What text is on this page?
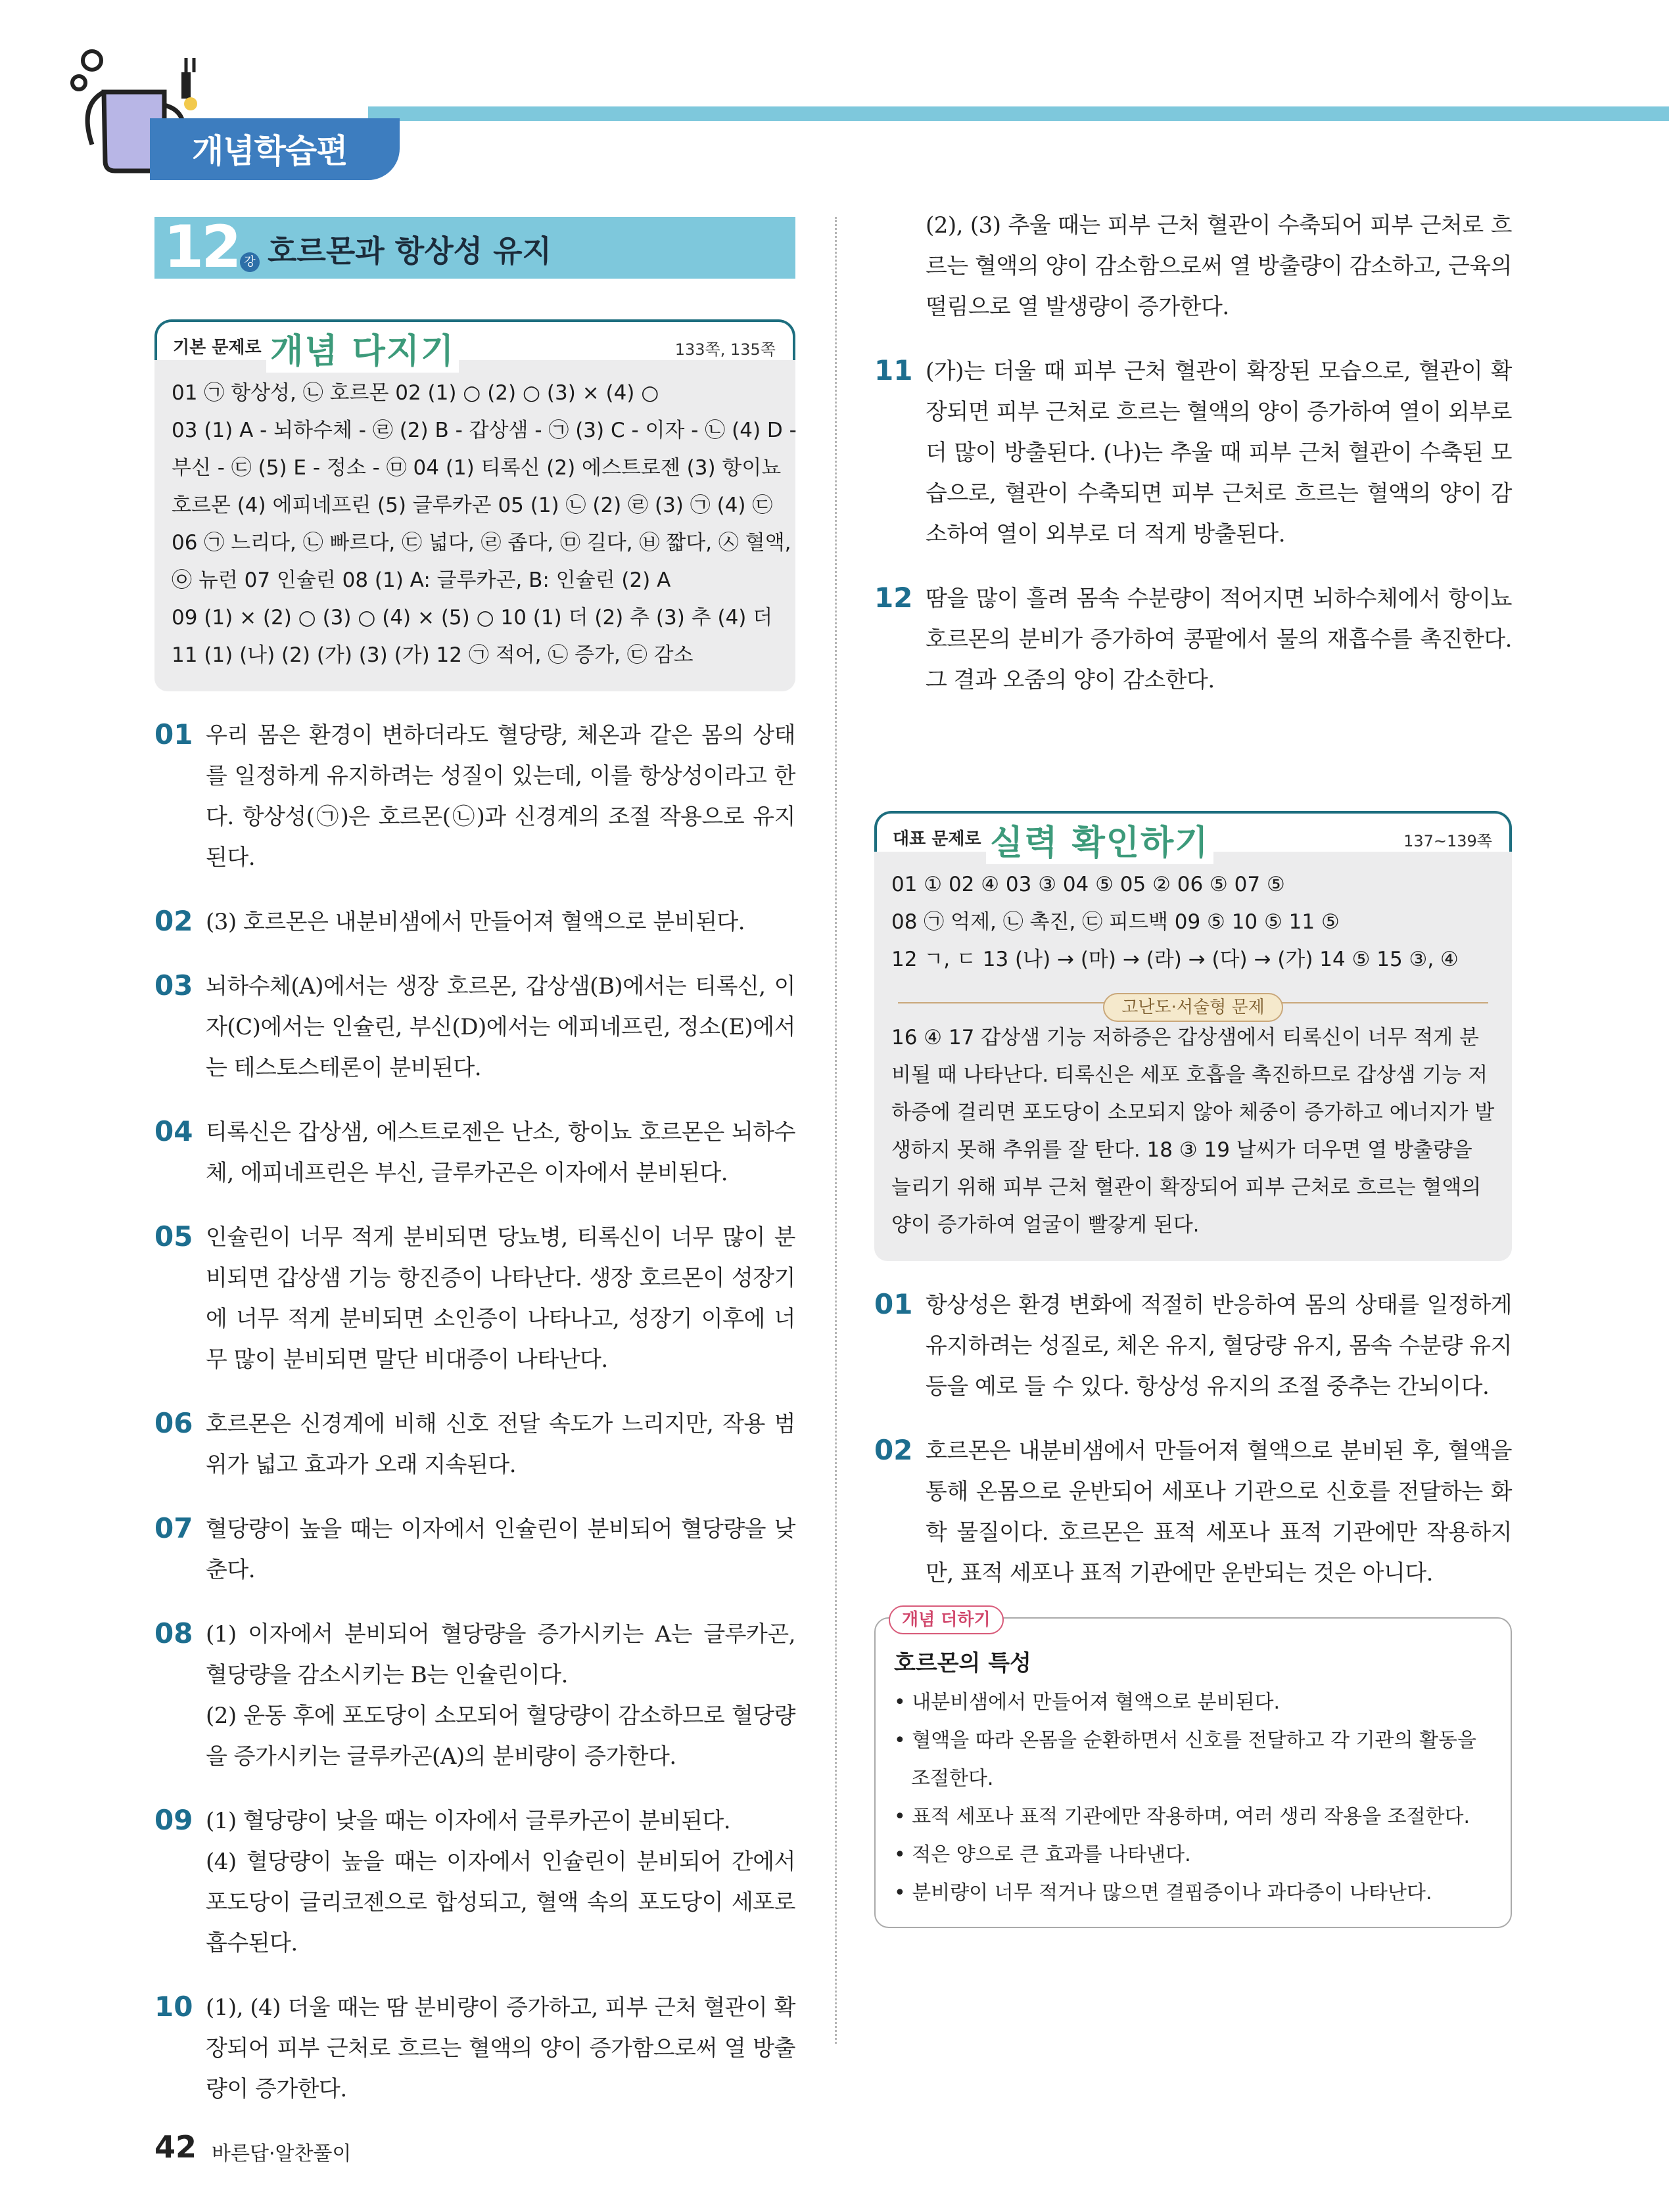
개념학습편
12 강 호르몬과 항상성 유지
기본 문제로 개념 다지기	133쪽, 135쪽
01 ㉠ 항상성, ㉡ 호르몬 02 (1) ○ (2) ○ (3) × (4) ○
03 (1) A - 뇌하수체 - ㉣ (2) B - 갑상샘 - ㉠ (3) C - 이자 - ㉡ (4) D -
부신 - ㉢ (5) E - 정소 - ㉤ 04 (1) 티록신 (2) 에스트로젠 (3) 항이뇨
호르몬 (4) 에피네프린 (5) 글루카곤 05 (1) ㉡ (2) ㉣ (3) ㉠ (4) ㉢
06 ㉠ 느리다, ㉡ 빠르다, ㉢ 넓다, ㉣ 좁다, ㉤ 길다, ㉥ 짧다, ㉦ 혈액,
㉧ 뉴런 07 인슐린 08 (1) A: 글루카곤, B: 인슐린 (2) A
09 (1) × (2) ○ (3) ○ (4) × (5) ○ 10 (1) 더 (2) 추 (3) 추 (4) 더
11 (1) (나) (2) (가) (3) (가) 12 ㉠ 적어, ㉡ 증가, ㉢ 감소
01 우리 몸은 환경이 변하더라도 혈당량, 체온과 같은 몸의 상태를 일정하게 유지하려는 성질이 있는데, 이를 항상성이라고 한다. 항상성(㉠)은 호르몬(㉡)과 신경계의 조절 작용으로 유지된다.
02 (3) 호르몬은 내분비샘에서 만들어져 혈액으로 분비된다.
03 뇌하수체(A)에서는 생장 호르몬, 갑상샘(B)에서는 티록신, 이자(C)에서는 인슐린, 부신(D)에서는 에피네프린, 정소(E)에서는 테스토스테론이 분비된다.
04 티록신은 갑상샘, 에스트로젠은 난소, 항이뇨 호르몬은 뇌하수체, 에피네프린은 부신, 글루카곤은 이자에서 분비된다.
05 인슐린이 너무 적게 분비되면 당뇨병, 티록신이 너무 많이 분비되면 갑상샘 기능 항진증이 나타난다. 생장 호르몬이 성장기에 너무 적게 분비되면 소인증이 나타나고, 성장기 이후에 너무 많이 분비되면 말단 비대증이 나타난다.
06 호르몬은 신경계에 비해 신호 전달 속도가 느리지만, 작용 범위가 넓고 효과가 오래 지속된다.
07 혈당량이 높을 때는 이자에서 인슐린이 분비되어 혈당량을 낮춘다.
08 (1) 이자에서 분비되어 혈당량을 증가시키는 A는 글루카곤, 혈당량을 감소시키는 B는 인슐린이다.
(2) 운동 후에 포도당이 소모되어 혈당량이 감소하므로 혈당량을 증가시키는 글루카곤(A)의 분비량이 증가한다.
09 (1) 혈당량이 낮을 때는 이자에서 글루카곤이 분비된다.
(4) 혈당량이 높을 때는 이자에서 인슐린이 분비되어 간에서 포도당이 글리코젠으로 합성되고, 혈액 속의 포도당이 세포로 흡수된다.
10 (1), (4) 더울 때는 땀 분비량이 증가하고, 피부 근처 혈관이 확장되어 피부 근처로 흐르는 혈액의 양이 증가함으로써 열 방출량이 증가한다.
(2), (3) 추울 때는 피부 근처 혈관이 수축되어 피부 근처로 흐르는 혈액의 양이 감소함으로써 열 방출량이 감소하고, 근육의 떨림으로 열 발생량이 증가한다.
11 (가)는 더울 때 피부 근처 혈관이 확장된 모습으로, 혈관이 확장되면 피부 근처로 흐르는 혈액의 양이 증가하여 열이 외부로 더 많이 방출된다. (나)는 추울 때 피부 근처 혈관이 수축된 모습으로, 혈관이 수축되면 피부 근처로 흐르는 혈액의 양이 감소하여 열이 외부로 더 적게 방출된다.
12 땀을 많이 흘려 몸속 수분량이 적어지면 뇌하수체에서 항이뇨 호르몬의 분비가 증가하여 콩팥에서 물의 재흡수를 촉진한다. 그 결과 오줌의 양이 감소한다.
대표 문제로 실력 확인하기	137~139쪽
01 ① 02 ④ 03 ③ 04 ⑤ 05 ② 06 ⑤ 07 ⑤
08 ㉠ 억제, ㉡ 촉진, ㉢ 피드백 09 ⑤ 10 ⑤ 11 ⑤
12 ㄱ, ㄷ 13 (나) → (마) → (라) → (다) → (가) 14 ⑤ 15 ③, ④
고난도·서술형 문제
16 ④ 17 갑상샘 기능 저하증은 갑상샘에서 티록신이 너무 적게 분비될 때 나타난다. 티록신은 세포 호흡을 촉진하므로 갑상샘 기능 저하증에 걸리면 포도당이 소모되지 않아 체중이 증가하고 에너지가 발생하지 못해 추위를 잘 탄다. 18 ③ 19 날씨가 더우면 열 방출량을 늘리기 위해 피부 근처 혈관이 확장되어 피부 근처로 흐르는 혈액의 양이 증가하여 얼굴이 빨갛게 된다.
01 항상성은 환경 변화에 적절히 반응하여 몸의 상태를 일정하게 유지하려는 성질로, 체온 유지, 혈당량 유지, 몸속 수분량 유지 등을 예로 들 수 있다. 항상성 유지의 조절 중추는 간뇌이다.
02 호르몬은 내분비샘에서 만들어져 혈액으로 분비된 후, 혈액을 통해 온몸으로 운반되어 세포나 기관으로 신호를 전달하는 화학 물질이다. 호르몬은 표적 세포나 표적 기관에만 작용하지만, 표적 세포나 표적 기관에만 운반되는 것은 아니다.
개념 더하기
호르몬의 특성
• 내분비샘에서 만들어져 혈액으로 분비된다.
• 혈액을 따라 온몸을 순환하면서 신호를 전달하고 각 기관의 활동을 조절한다.
• 표적 세포나 표적 기관에만 작용하며, 여러 생리 작용을 조절한다.
• 적은 양으로 큰 효과를 나타낸다.
• 분비량이 너무 적거나 많으면 결핍증이나 과다증이 나타난다.
42 바른답·알찬풀이
